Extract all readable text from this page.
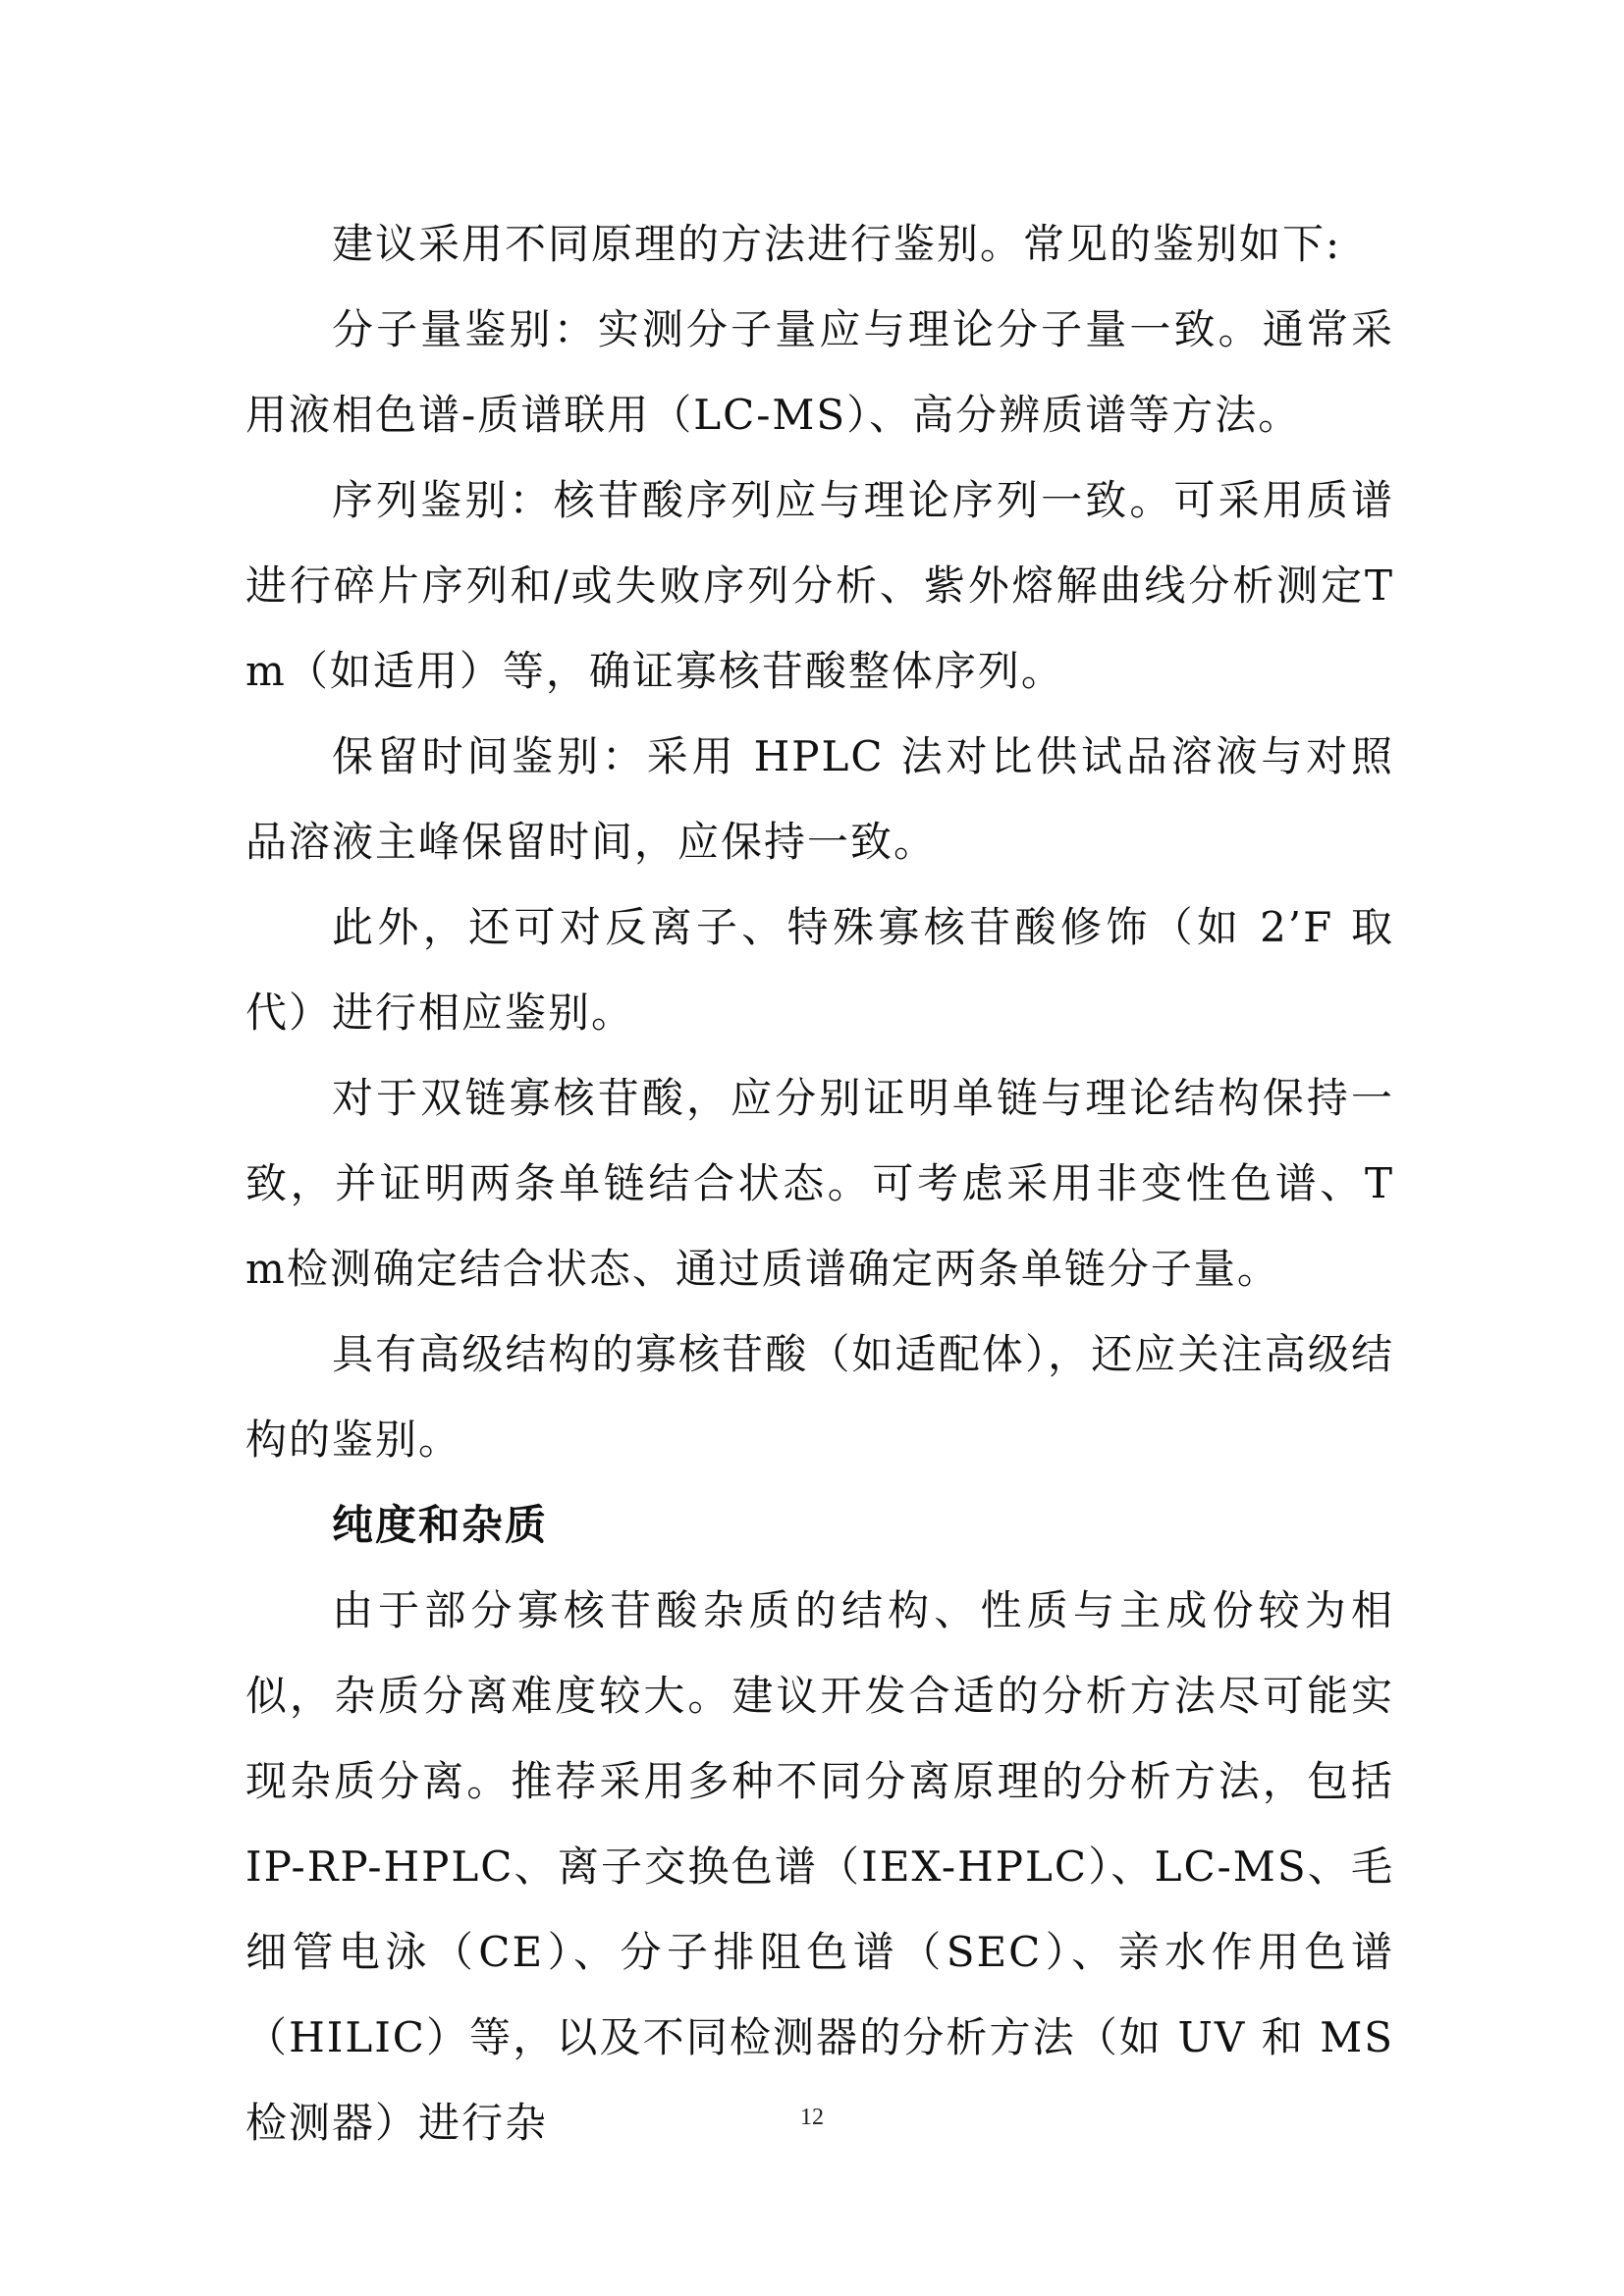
建议采用不同原理的方法进行鉴别。常见的鉴别如下:

分子量鉴别：实测分子量应与理论分子量一致。通常采用液相色谱-质谱联用（LC-MS）、高分辨质谱等方法。

序列鉴别：核苷酸序列应与理论序列一致。可采用质谱进行碎片序列和/或失败序列分析、紫外熔解曲线分析测定Tm（如适用）等，确证寡核苷酸整体序列。

保留时间鉴别：采用 HPLC 法对比供试品溶液与对照品溶液主峰保留时间，应保持一致。

此外，还可对反离子、特殊寡核苷酸修饰（如 2’F 取代）进行相应鉴别。

对于双链寡核苷酸，应分别证明单链与理论结构保持一致，并证明两条单链结合状态。可考虑采用非变性色谱、Tm检测确定结合状态、通过质谱确定两条单链分子量。

具有高级结构的寡核苷酸（如适配体），还应关注高级结构的鉴别。

纯度和杂质

由于部分寡核苷酸杂质的结构、性质与主成份较为相似，杂质分离难度较大。建议开发合适的分析方法尽可能实现杂质分离。推荐采用多种不同分离原理的分析方法，包括 IP-RP-HPLC、离子交换色谱（IEX-HPLC）、LC-MS、毛细管电泳（CE）、分子排阻色谱（SEC）、亲水作用色谱（HILIC）等，以及不同检测器的分析方法（如 UV 和 MS 检测器）进行杂	12
